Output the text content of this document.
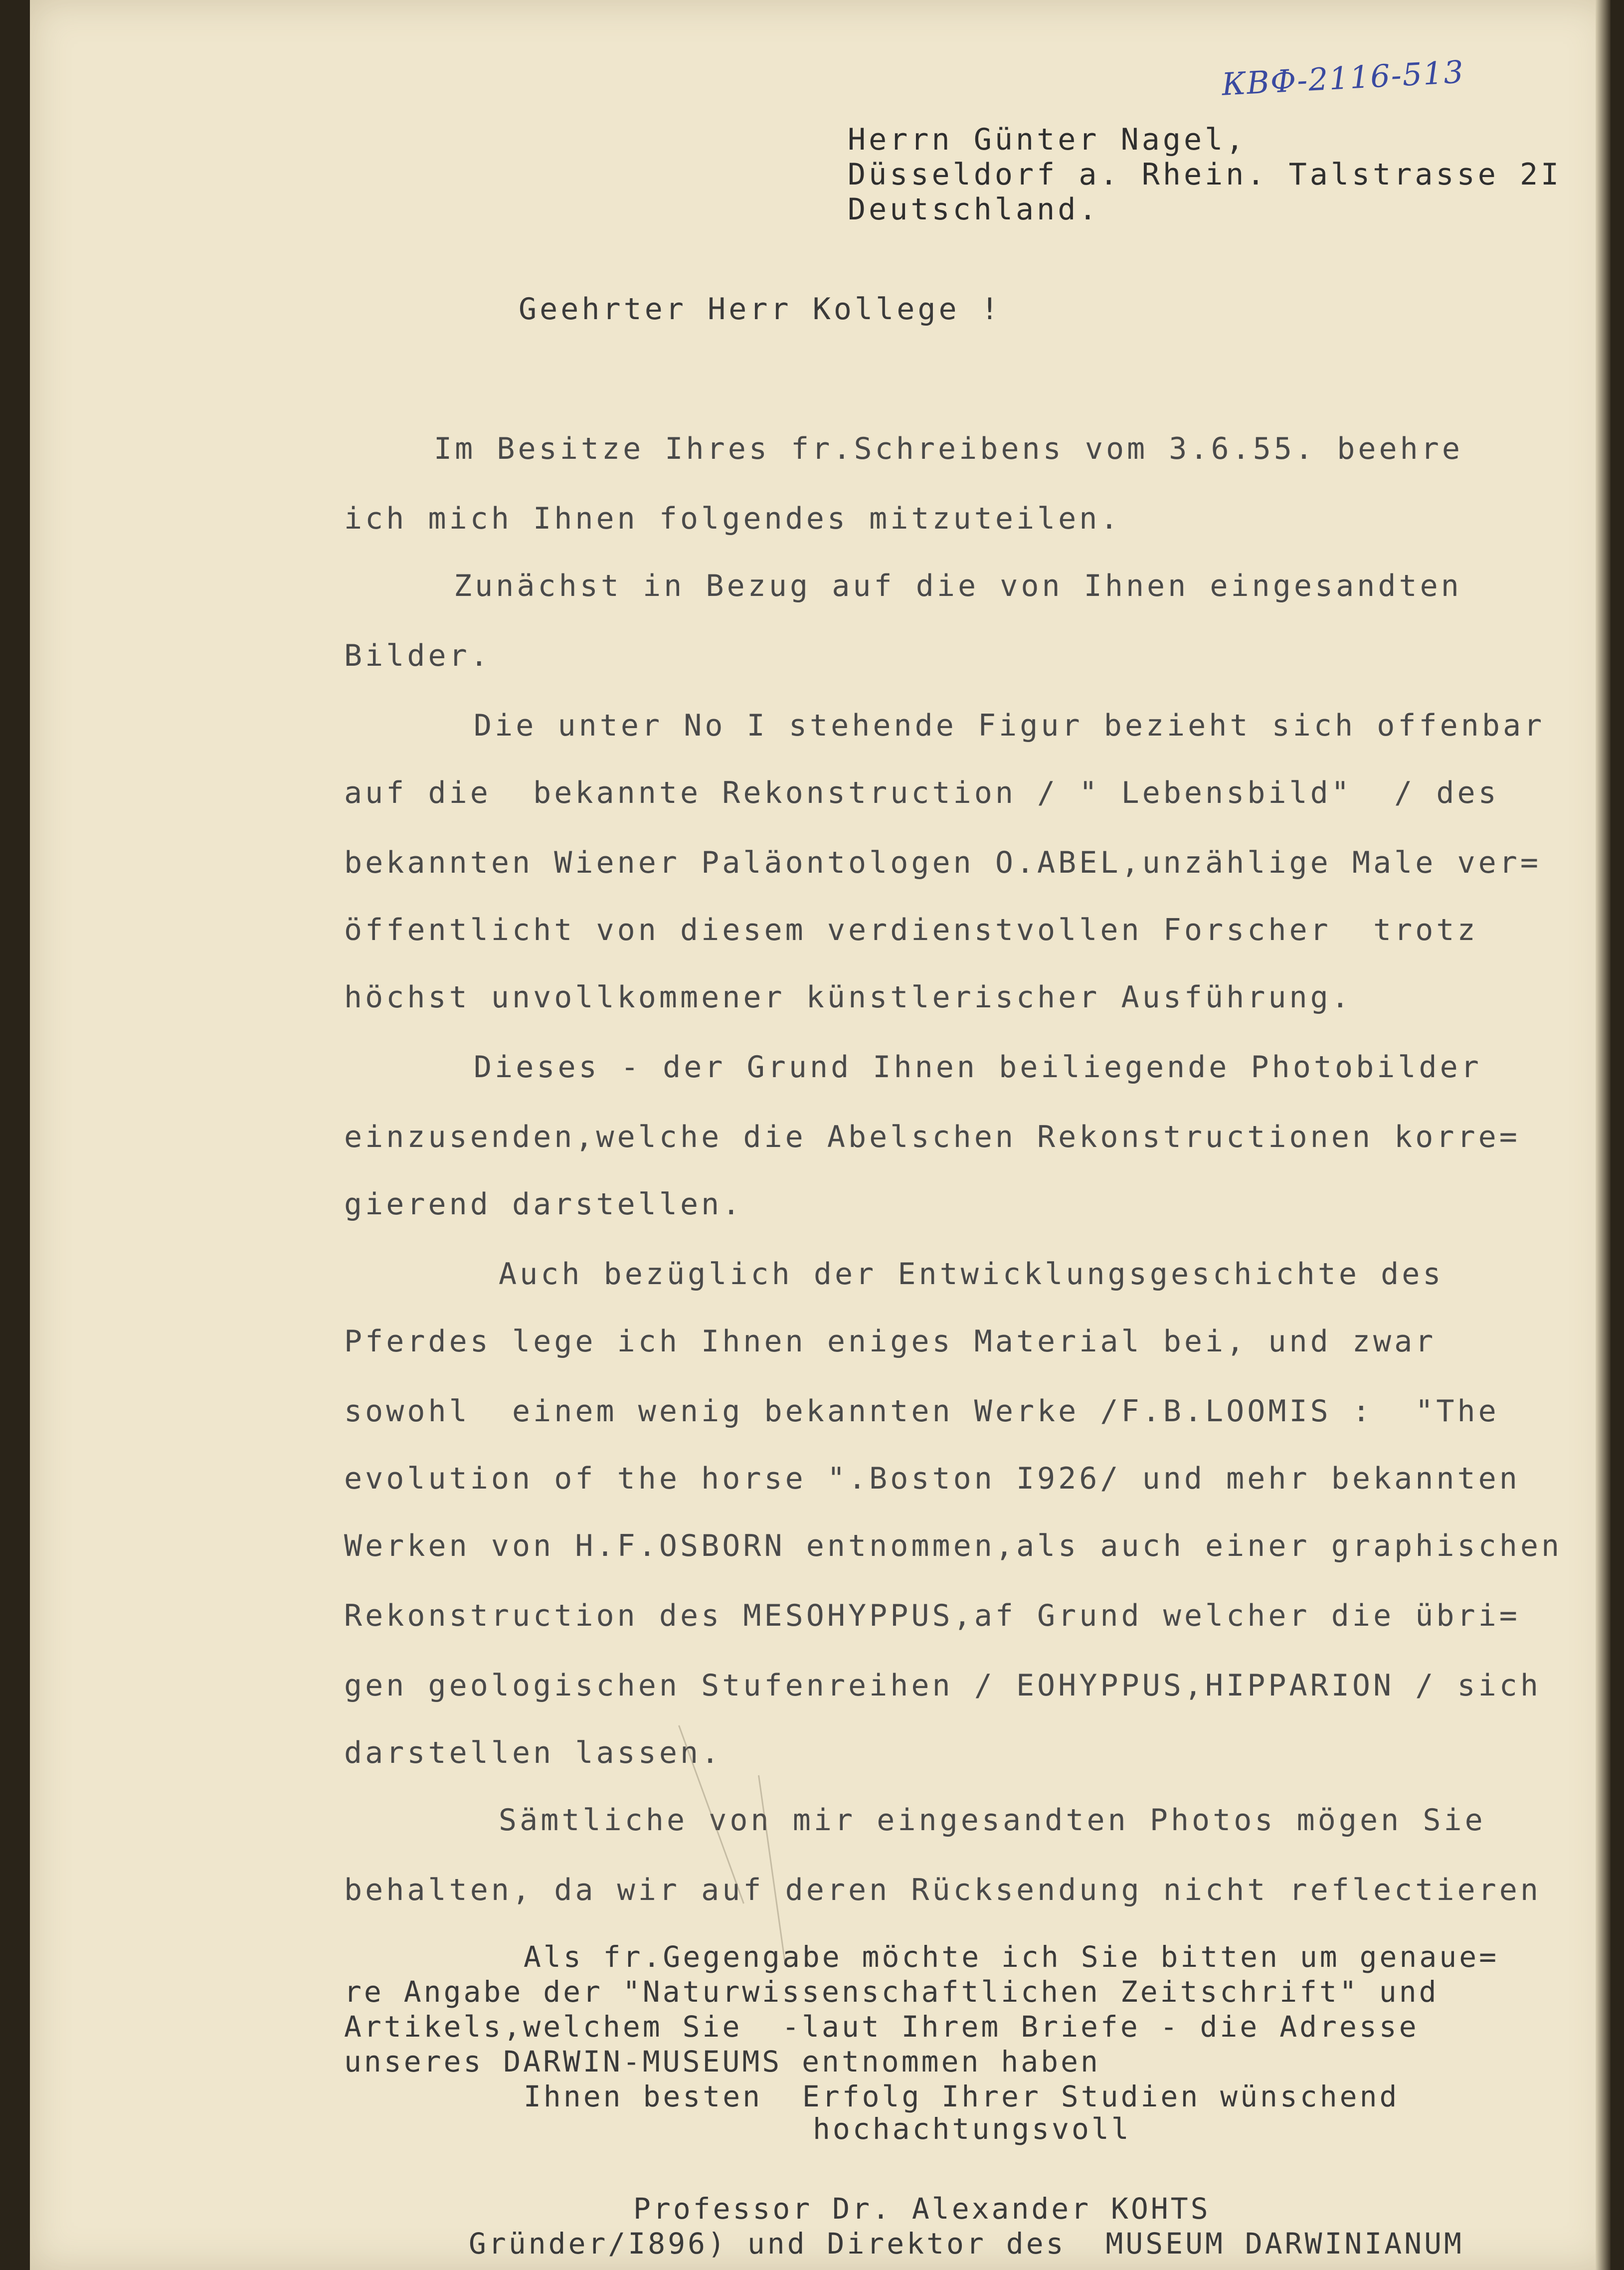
КВФ-2116-513
Herrn Günter Nagel,
Düsseldorf a. Rhein. Talstrasse 2I
Deutschland.
Geehrter Herr Kollege !
Im Besitze Ihres fr.Schreibens vom 3.6.55. beehre
ich mich Ihnen folgendes mitzuteilen.
Zunächst in Bezug auf die von Ihnen eingesandten
Bilder.
Die unter No I stehende Figur bezieht sich offenbar
auf die  bekannte Rekonstruction / " Lebensbild"  / des
bekannten Wiener Paläontologen O.ABEL,unzählige Male ver=
öffentlicht von diesem verdienstvollen Forscher  trotz
höchst unvollkommener künstlerischer Ausführung.
Dieses - der Grund Ihnen beiliegende Photobilder
einzusenden,welche die Abelschen Rekonstructionen korre=
gierend darstellen.
Auch bezüglich der Entwicklungsgeschichte des
Pferdes lege ich Ihnen eniges Material bei, und zwar
sowohl  einem wenig bekannten Werke /F.B.LOOMIS :  "The
evolution of the horse ".Boston I926/ und mehr bekannten
Werken von H.F.OSBORN entnommen,als auch einer graphischen
Rekonstruction des MESOHYPPUS,af Grund welcher die übri=
gen geologischen Stufenreihen / EOHYPPUS,HIPPARION / sich
darstellen lassen.
Sämtliche von mir eingesandten Photos mögen Sie
behalten, da wir auf deren Rücksendung nicht reflectieren
Als fr.Gegengabe möchte ich Sie bitten um genaue=
re Angabe der "Naturwissenschaftlichen Zeitschrift" und
Artikels,welchem Sie  -laut Ihrem Briefe - die Adresse
unseres DARWIN-MUSEUMS entnommen haben
Ihnen besten  Erfolg Ihrer Studien wünschend
hochachtungsvoll
Professor Dr. Alexander KOHTS
Gründer/I896) und Direktor des  MUSEUM DARWINIANUM
